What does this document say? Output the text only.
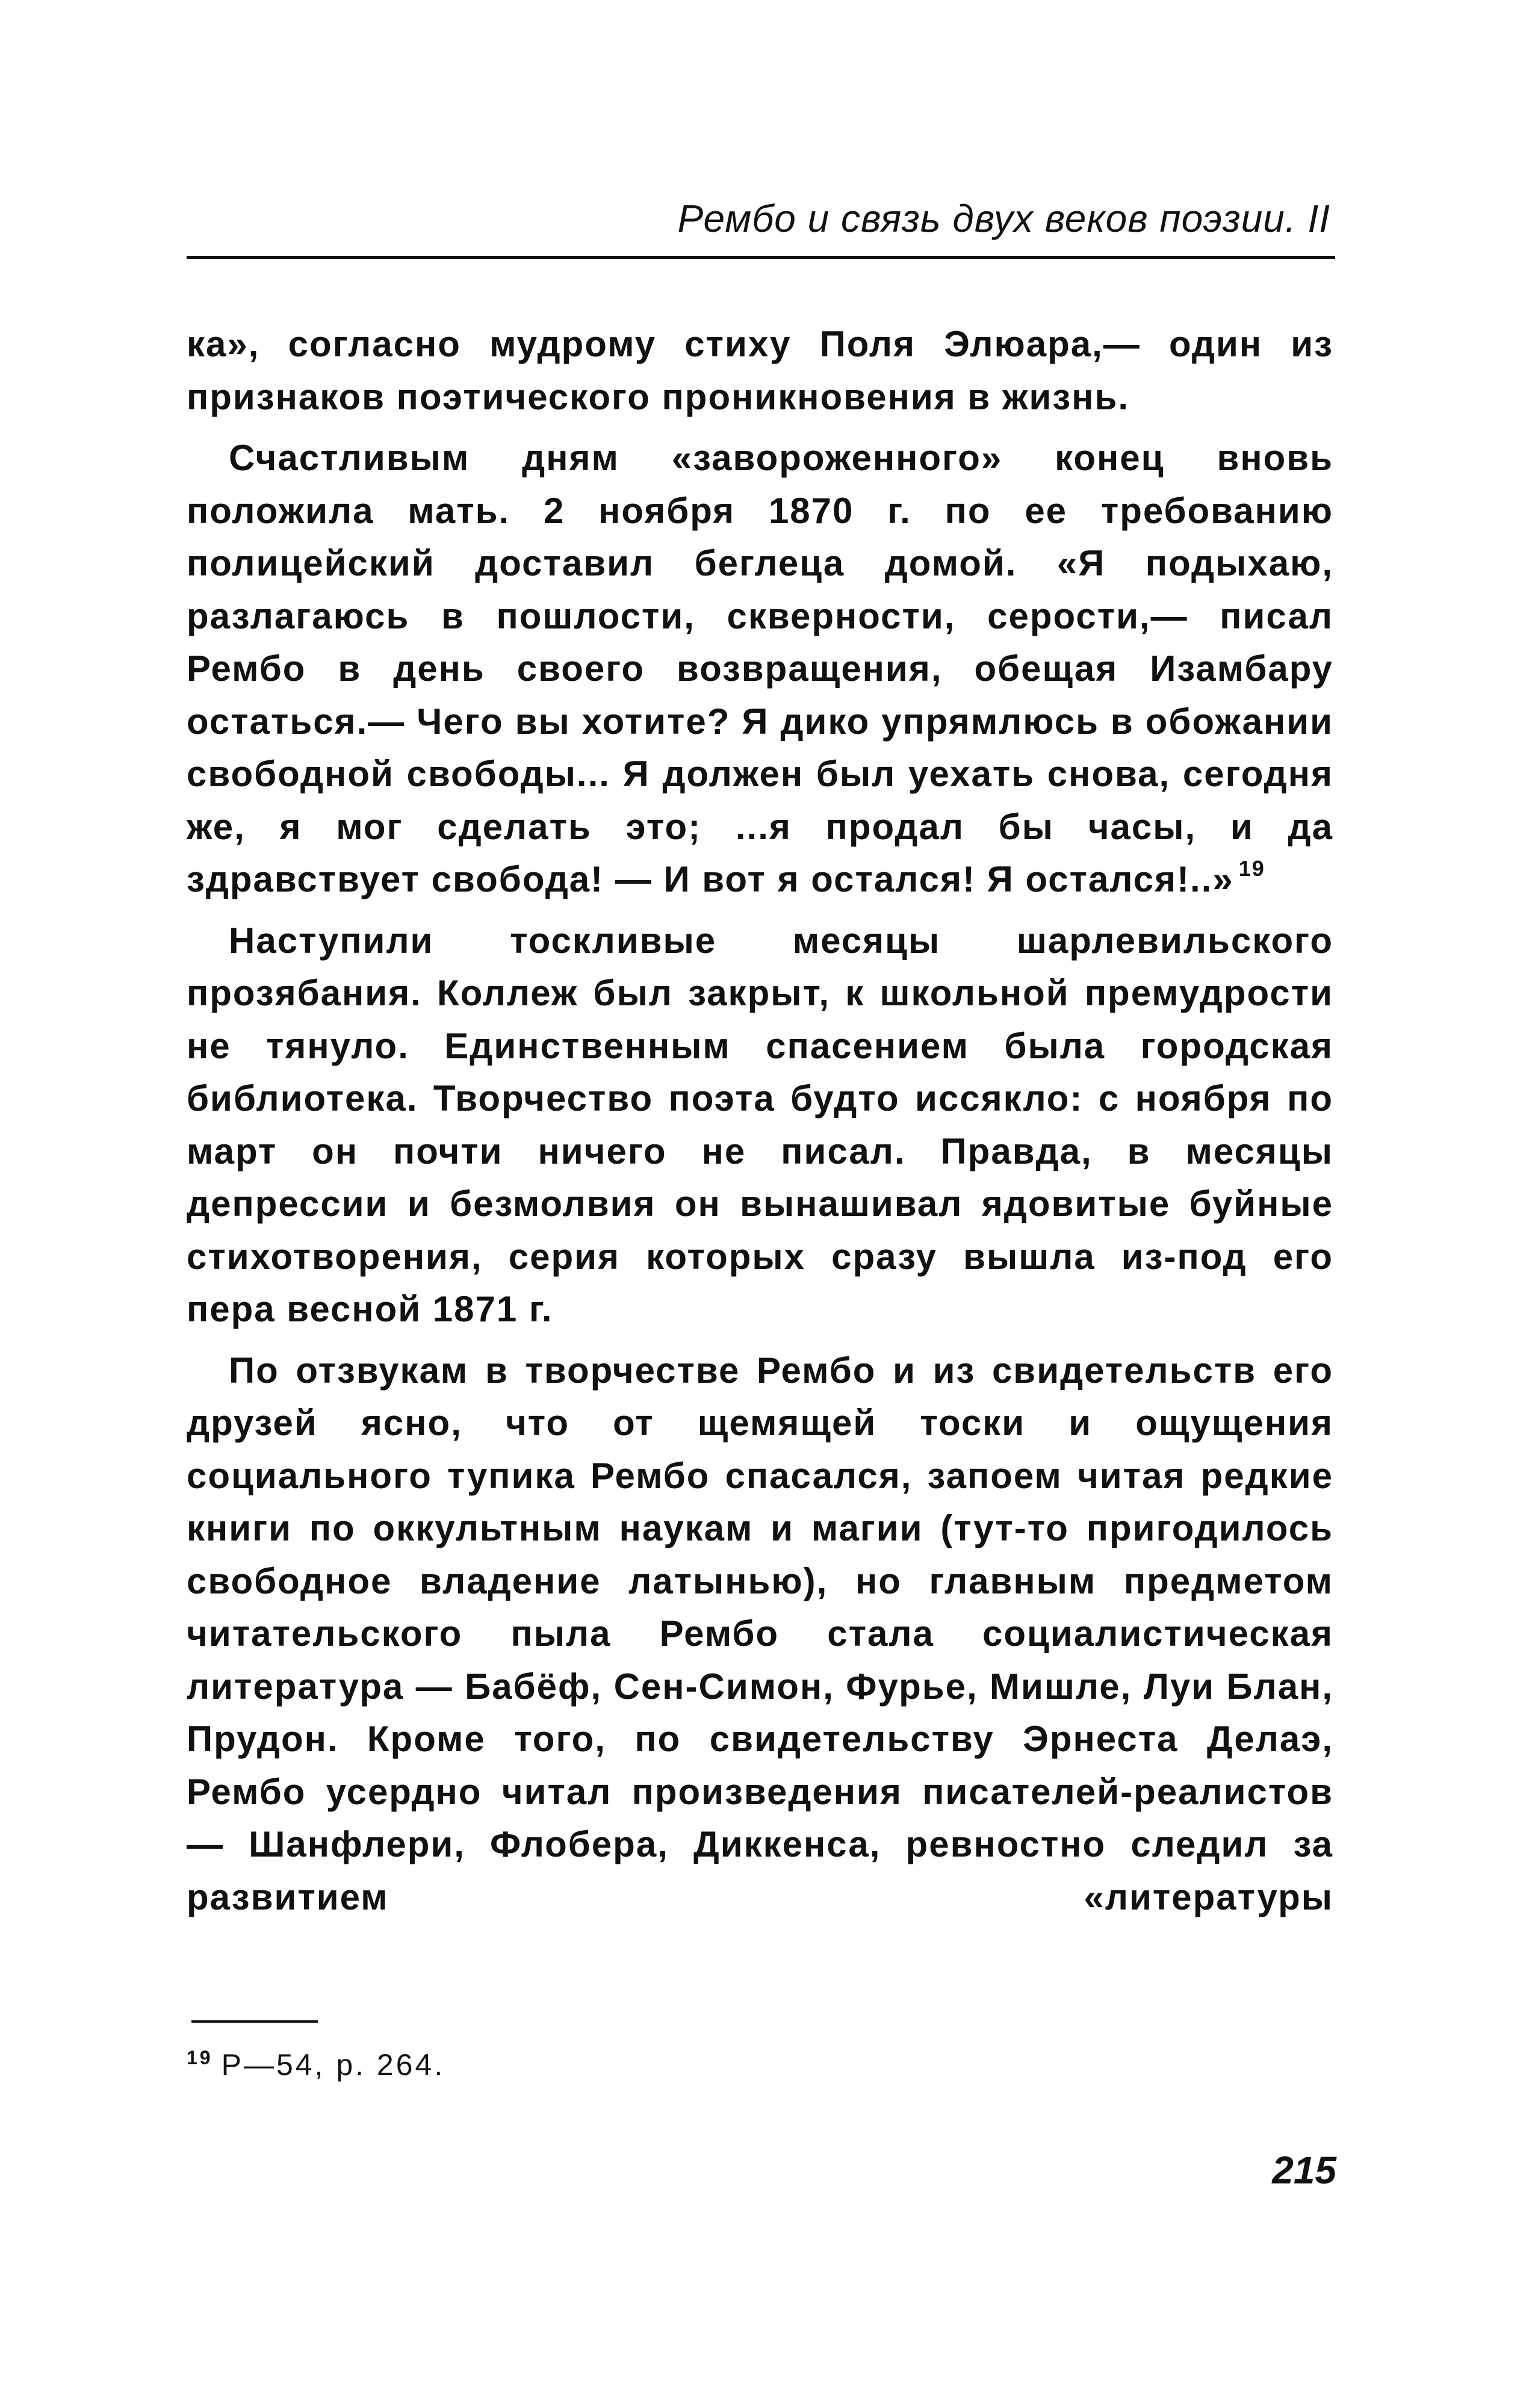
Рембо и связь двух веков поэзии. II

ка», согласно мудрому стиху Поля Элюара,— один из признаков поэтического проникновения в жизнь.

Счастливым дням «завороженного» конец вновь положила мать. 2 ноября 1870 г. по ее требованию полицейский доставил беглеца домой. «Я подыхаю, разлагаюсь в пошлости, скверности, серости,— писал Рембо в день своего возвращения, обещая Изамбару остаться.— Чего вы хотите? Я дико упрямлюсь в обожании свободной свободы... Я должен был уехать снова, сегодня же, я мог сделать это; ...я продал бы часы, и да здравствует свобода! — И вот я остался! Я остался!..» $^{19}$

Наступили тоскливые месяцы шарлевильского прозябания. Коллеж был закрыт, к школьной премудрости не тянуло. Единственным спасением была городская библиотека. Творчество поэта будто иссякло: с ноября по март он почти ничего не писал. Правда, в месяцы депрессии и безмолвия он вынашивал ядовитые буйные стихотворения, серия которых сразу вышла из-под его пера весной 1871 г.

По отзвукам в творчестве Рембо и из свидетельств его друзей ясно, что от щемящей тоски и ощущения социального тупика Рембо спасался, запоем читая редкие книги по оккультным наукам и магии (тут-то пригодилось свободное владение латынью), но главным предметом читательского пыла Рембо стала социалистическая литература — Бабёф, Сен-Симон, Фурье, Мишле, Луи Блан, Прудон. Кроме того, по свидетельству Эрнеста Делаэ, Рембо усердно читал произведения писателей-реалистов — Шанфлери, Флобера, Диккенса, ревностно следил за развитием «литературы

$^{19}$ P—54, p. 264.
215
